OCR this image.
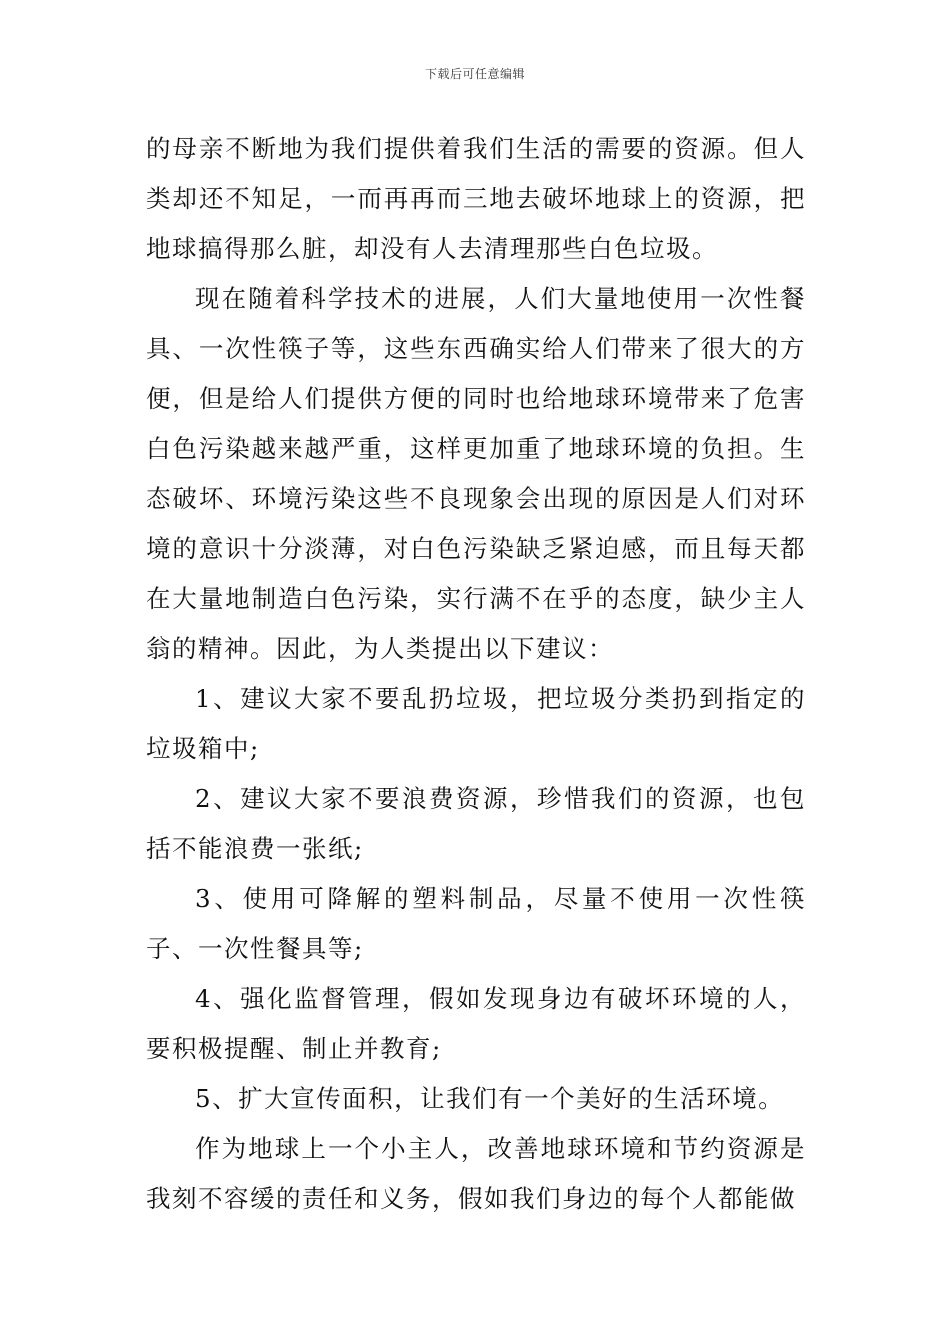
下载后可任意编辑

的母亲不断地为我们提供着我们生活的需要的资源。但人类却还不知足，一而再再而三地去破坏地球上的资源，把地球搞得那么脏，却没有人去清理那些白色垃圾。

现在随着科学技术的进展，人们大量地使用一次性餐具、一次性筷子等，这些东西确实给人们带来了很大的方便，但是给人们提供方便的同时也给地球环境带来了危害白色污染越来越严重，这样更加重了地球环境的负担。生态破坏、环境污染这些不良现象会出现的原因是人们对环境的意识十分淡薄，对白色污染缺乏紧迫感，而且每天都在大量地制造白色污染，实行满不在乎的态度，缺少主人翁的精神。因此，为人类提出以下建议：

1、建议大家不要乱扔垃圾，把垃圾分类扔到指定的垃圾箱中;

2、建议大家不要浪费资源，珍惜我们的资源，也包括不能浪费一张纸;

3、使用可降解的塑料制品，尽量不使用一次性筷子、一次性餐具等;

4、强化监督管理，假如发现身边有破坏环境的人，要积极提醒、制止并教育;

5、扩大宣传面积，让我们有一个美好的生活环境。

作为地球上一个小主人，改善地球环境和节约资源是我刻不容缓的责任和义务，假如我们身边的每个人都能做
